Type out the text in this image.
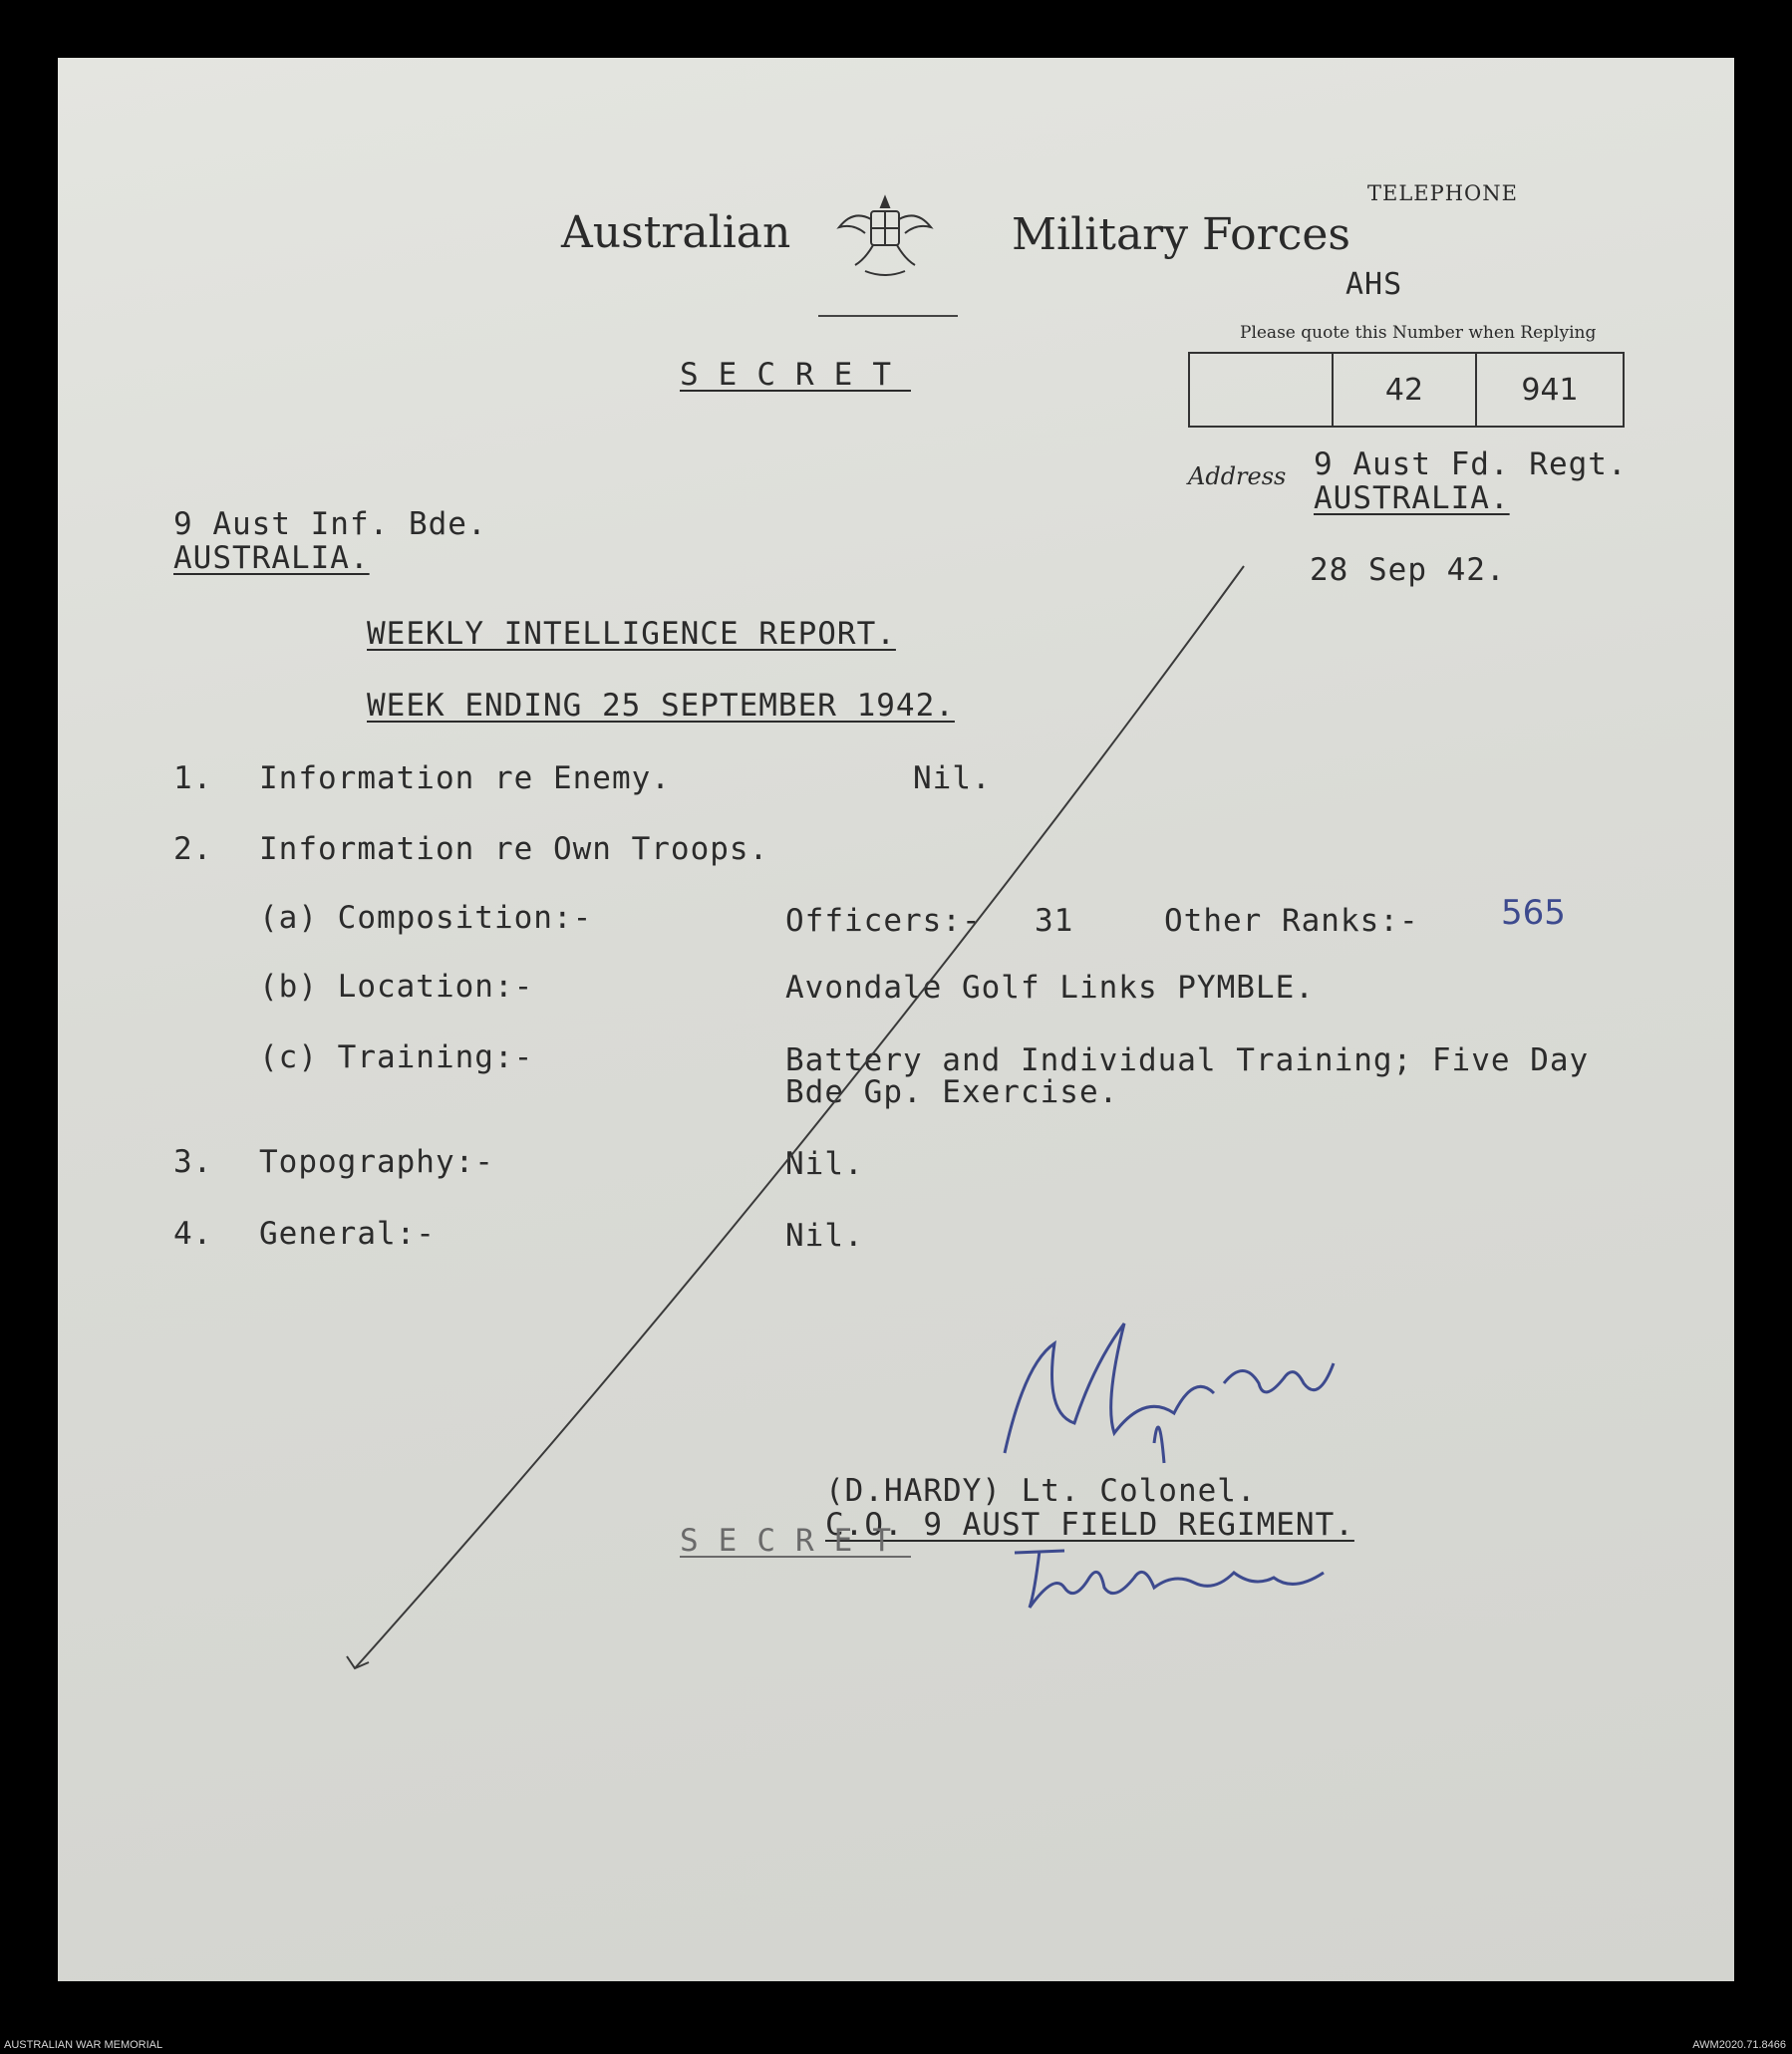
Australian	Military Forces
TELEPHONE
AHS
Please quote this Number when Replying
42	941
Address 9 Aust Fd. Regt.
AUSTRALIA.
28 Sep 42.
SECRET
9 Aust Inf. Bde.
AUSTRALIA.
WEEKLY INTELLIGENCE REPORT.
WEEK ENDING 25 SEPTEMBER 1942.
1. Information re Enemy.	Nil.
2. Information re Own Troops.
(a) Composition:-	Officers:- 31	Other Ranks:- 565
(b) Location:-	Avondale Golf Links PYMBLE.
(c) Training:-	Battery and Individual Training; Five Day
Bde Gp. Exercise.
3. Topography:-	Nil.
4. General:-	Nil.
(D.HARDY) Lt. Colonel.
C.O. 9 AUST FIELD REGIMENT.
SECRET
AUSTRALIAN WAR MEMORIAL	AWM2020.71.8466
